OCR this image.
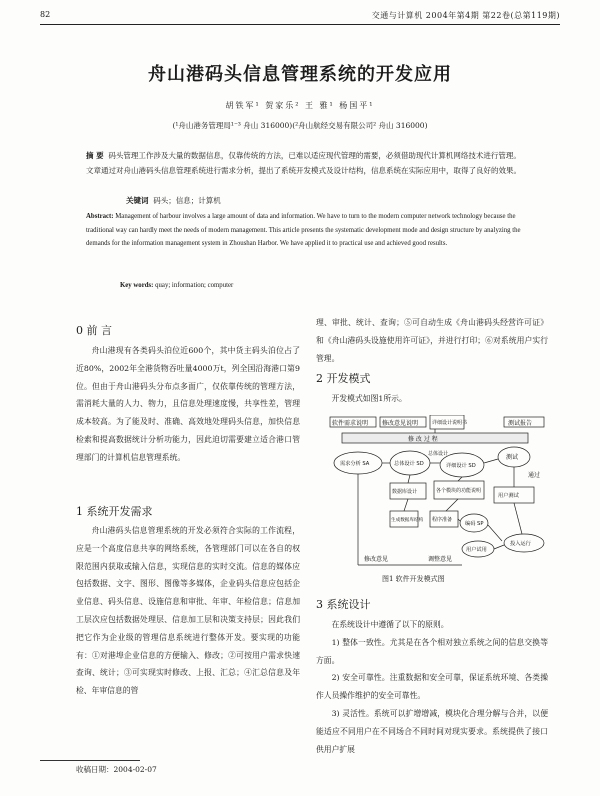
82	交通与计算机 2004年第4期 第22卷(总第119期)
舟山港码头信息管理系统的开发应用
胡铁军¹ 贺家乐² 王 雅¹ 杨国平¹
(¹舟山港务管理局¹⁻³ 舟山 316000)(²舟山航经交易有限公司² 舟山 316000)
摘 要 码头管理工作涉及大量的数据信息，仅靠传统的方法，已难以适应现代管理的需要，必须借助现代计算机网络技术进行管理。文章通过对舟山港码头信息管理系统进行需求分析，提出了系统开发模式及设计结构，信息系统在实际应用中，取得了良好的效果。
关键词 码头；信息；计算机
Abstract: Management of harbour involves a large amount of data and information. We have to turn to the modern computer network technology because the traditional way can hardly meet the needs of modern management. This article presents the systematic development mode and design structure by analyzing the demands for the information management system in Zhoushan Harbor. We have applied it to practical use and achieved good results.
Key words: quay; information; computer
0 前 言

舟山港现有各类码头泊位近600个，其中货主码头泊位占了近80%，2002年全港货物吞吐量4000万t，列全国沿海港口第9位。但由于舟山港码头分布点多面广，仅依靠传统的管理方法，需消耗大量的人力、物力，且信息处理速度慢，共享性差，管理成本较高。为了能及时、准确、高效地处理码头信息，加快信息检索和提高数据统计分析功能力，因此迫切需要建立适合港口管理部门的计算机信息管理系统。

1 系统开发需求

舟山港码头信息管理系统的开发必须符合实际的工作流程，应是一个高度信息共享的网络系统，各管理部门可以在各自的权限范围内获取或输入信息，实现信息的实时交流。信息的媒体应包括数据、文字、图形、图像等多媒体，企业码头信息应包括企业信息、码头信息、设施信息和审批、年审、年检信息；信息加工层次应包括数据处理层、信息加工层和决策支持层；因此我们把它作为企业级的管理信息系统进行整体开发。要实现的功能有：①对港埠企业信息的方便输入、修改；②可按用户需求快速查询、统计；③可实现实时修改、上报、汇总；④汇总信息及年检、年审信息的管

收稿日期：2004-02-07

理、审批、统计、查询；⑤可自动生成《舟山港码头经营许可证》和《舟山港码头设施使用许可证》，并进行打印；⑥对系统用户实行管理。

2 开发模式

开发模式如图1所示。

软件需求说明 修改意见说明	详细设计说明书	测试报告
修 改 过 程
需求分析 SA	总体设计 SD	详细设计 SD
测试
通过
数据库设计	各个模块的功能说明
用户测试
生成数据库结构 程序准备
编码 SP
用户试用
投入运行
修改意见	调整意见
总体设计
图1 软件开发模式图
3 系统设计

在系统设计中遵循了以下的原则。

1) 整体一致性。尤其是在各个相对独立系统之间的信息交换等方面。

2) 安全可靠性。注重数据和安全可靠，保证系统环境、各类操作人员操作维护的安全可靠性。

3) 灵活性。系统可以扩增增减，模块化合理分解与合并，以便能适应不同用户在不同场合不同时间对现实要求。系统提供了接口供用户扩展
